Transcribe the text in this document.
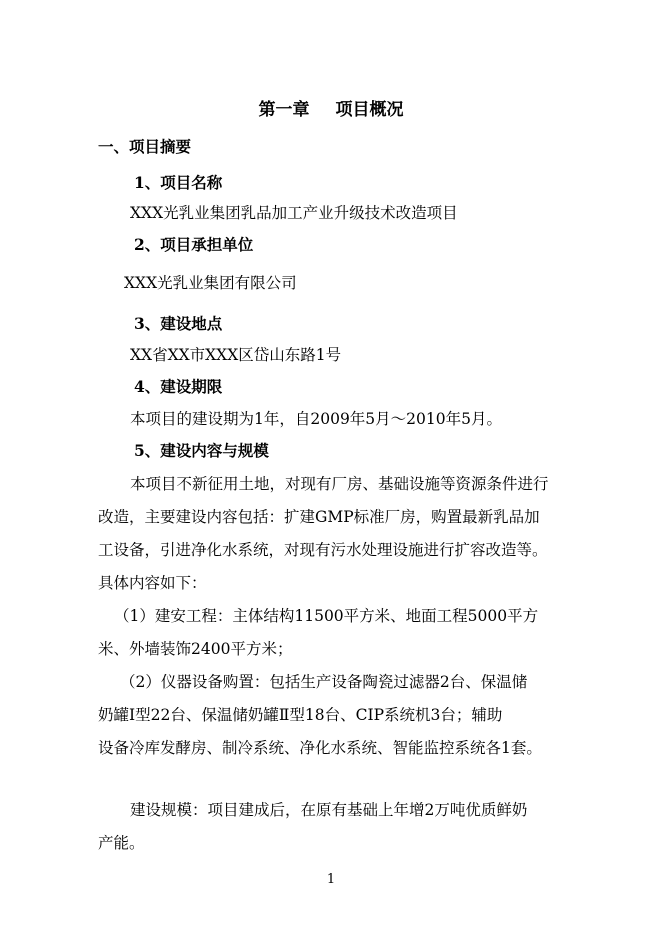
第一章 项目概况
一、项目摘要
1、项目名称
XXX光乳业集团乳品加工产业升级技术改造项目
2、项目承担单位
XXX光乳业集团有限公司
3、建设地点
XX省XX市XXX区岱山东路1号
4、建设期限
本项目的建设期为1年，自2009年5月～2010年5月。
5、建设内容与规模
本项目不新征用土地，对现有厂房、基础设施等资源条件进行
改造，主要建设内容包括：扩建GMP标准厂房，购置最新乳品加
工设备，引进净化水系统，对现有污水处理设施进行扩容改造等。
具体内容如下：
（1）建安工程：主体结构11500平方米、地面工程5000平方
米、外墙装饰2400平方米；
（2）仪器设备购置：包括生产设备陶瓷过滤器2台、保温储
奶罐Ⅰ型22台、保温储奶罐Ⅱ型18台、CIP系统机3台；辅助
设备冷库发酵房、制冷系统、净化水系统、智能监控系统各1套。
建设规模：项目建成后，在原有基础上年增2万吨优质鲜奶
产能。
1
